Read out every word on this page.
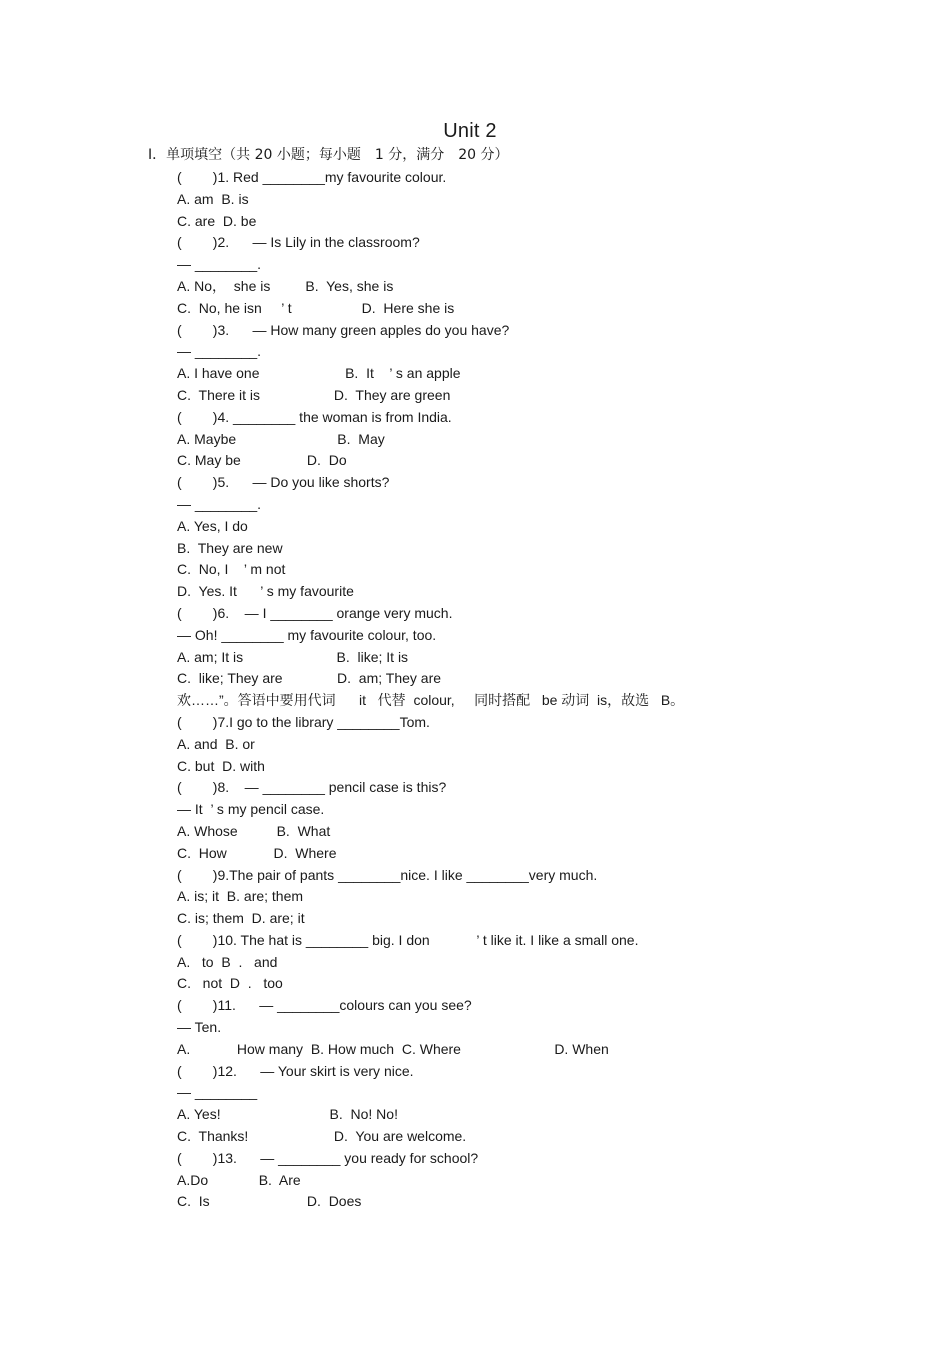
Unit 2
Ⅰ．单项填空（共 20 小题；每小题　1 分，满分　20 分）
(        )1. Red ________my favourite colour.
A. am  B. is
C. are  D. be
(        )2.      — Is Lily in the classroom?
— ________.
A. No，  she is         B.  Yes, she is
C.  No, he isn     ’ t                  D.  Here she is
(        )3.      — How many green apples do you have?
— ________.
A. I have one                      B.  It    ’ s an apple
C.  There it is                   D.  They are green
(        )4. ________ the woman is from India.
A. Maybe                          B.  May
C. May be                 D.  Do
(        )5.      — Do you like shorts?
— ________.
A. Yes, I do
B.  They are new
C.  No, I    ’ m not
D.  Yes. It      ’ s my favourite
(        )6.    — I ________ orange very much.
— Oh! ________ my favourite colour, too.
A. am; It is                        B.  like; It is
C.  like; They are              D.  am; They are
欢……”。答语中要用代词      it   代替  colour,     同时搭配   be 动词  is，故选   B。
(        )7.I go to the library ________Tom.
A. and  B. or
C. but  D. with
(        )8.    — ________ pencil case is this?
— It  ’ s my pencil case.
A. Whose          B.  What
C.  How            D.  Where
(        )9.The pair of pants ________nice. I like ________very much.
A. is; it  B. are; them
C. is; them  D. are; it
(        )10. The hat is ________ big. I don            ’ t like it. I like a small one.
A.   to  B  .   and
C.   not  D  .   too
(        )11.      — ________colours can you see?
— Ten.
A.            How many  B. How much  C. Where                        D. When
(        )12.      — Your skirt is very nice.
— ________
A. Yes!                            B.  No! No!
C.  Thanks!                      D.  You are welcome.
(        )13.      — ________ you ready for school?
A.Do             B.  Are
C.  Is                         D.  Does
